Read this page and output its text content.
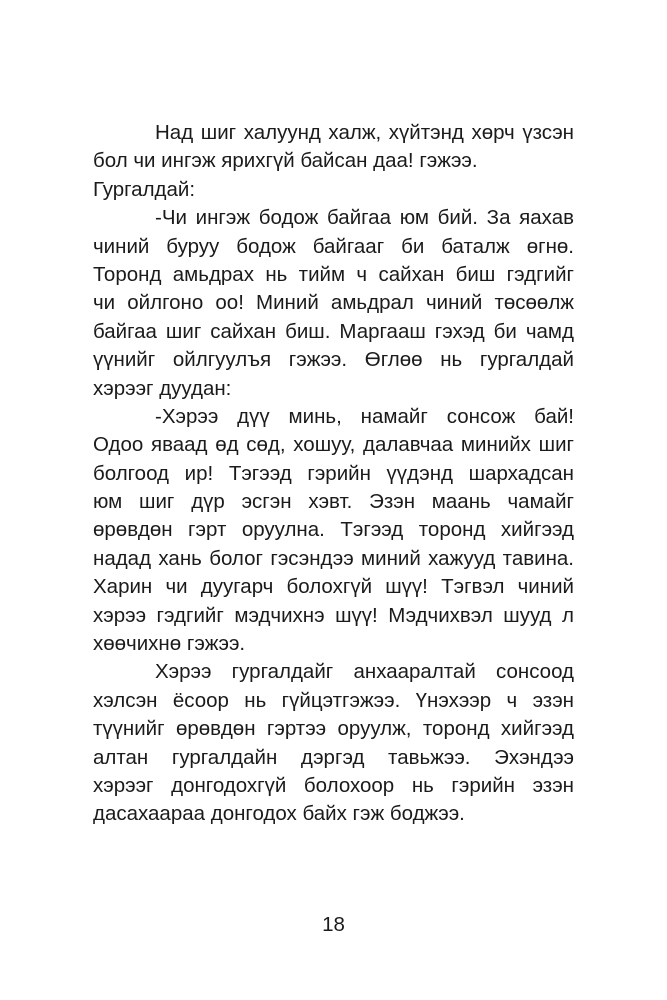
Над шиг халуунд халж, хүйтэнд хөрч үзсэн
бол чи ингэж ярихгүй байсан даа! гэжээ.
Гургалдай:
-Чи ингэж бодож байгаа юм бий. За яахав
чиний буруу бодож байгааг би баталж өгнө.
Торонд амьдрах нь тийм ч сайхан биш гэдгийг
чи ойлгоно оо! Миний амьдрал чиний төсөөлж
байгаа шиг сайхан биш. Маргааш гэхэд би чамд
үүнийг ойлгуулъя гэжээ. Өглөө нь гургалдай
хэрээг дуудан:
-Хэрээ дүү минь, намайг сонсож бай!
Одоо яваад өд сөд, хошуу, далавчаа минийх шиг
болгоод ир! Тэгээд гэрийн үүдэнд шархадсан
юм шиг дүр эсгэн хэвт. Эзэн маань чамайг
өрөвдөн гэрт оруулна. Тэгээд торонд хийгээд
надад хань болог гэсэндээ миний хажууд тавина.
Харин чи дуугарч болохгүй шүү! Тэгвэл чиний
хэрээ гэдгийг мэдчихнэ шүү! Мэдчихвэл шууд л
хөөчихнө гэжээ.
Хэрээ гургалдайг анхааралтай сонсоод
хэлсэн ёсоор нь гүйцэтгэжээ. Үнэхээр ч эзэн
түүнийг өрөвдөн гэртээ оруулж, торонд хийгээд
алтан гургалдайн дэргэд тавьжээ. Эхэндээ
хэрээг донгодохгүй болохоор нь гэрийн эзэн
дасахаараа донгодох байх гэж боджээ.
18
